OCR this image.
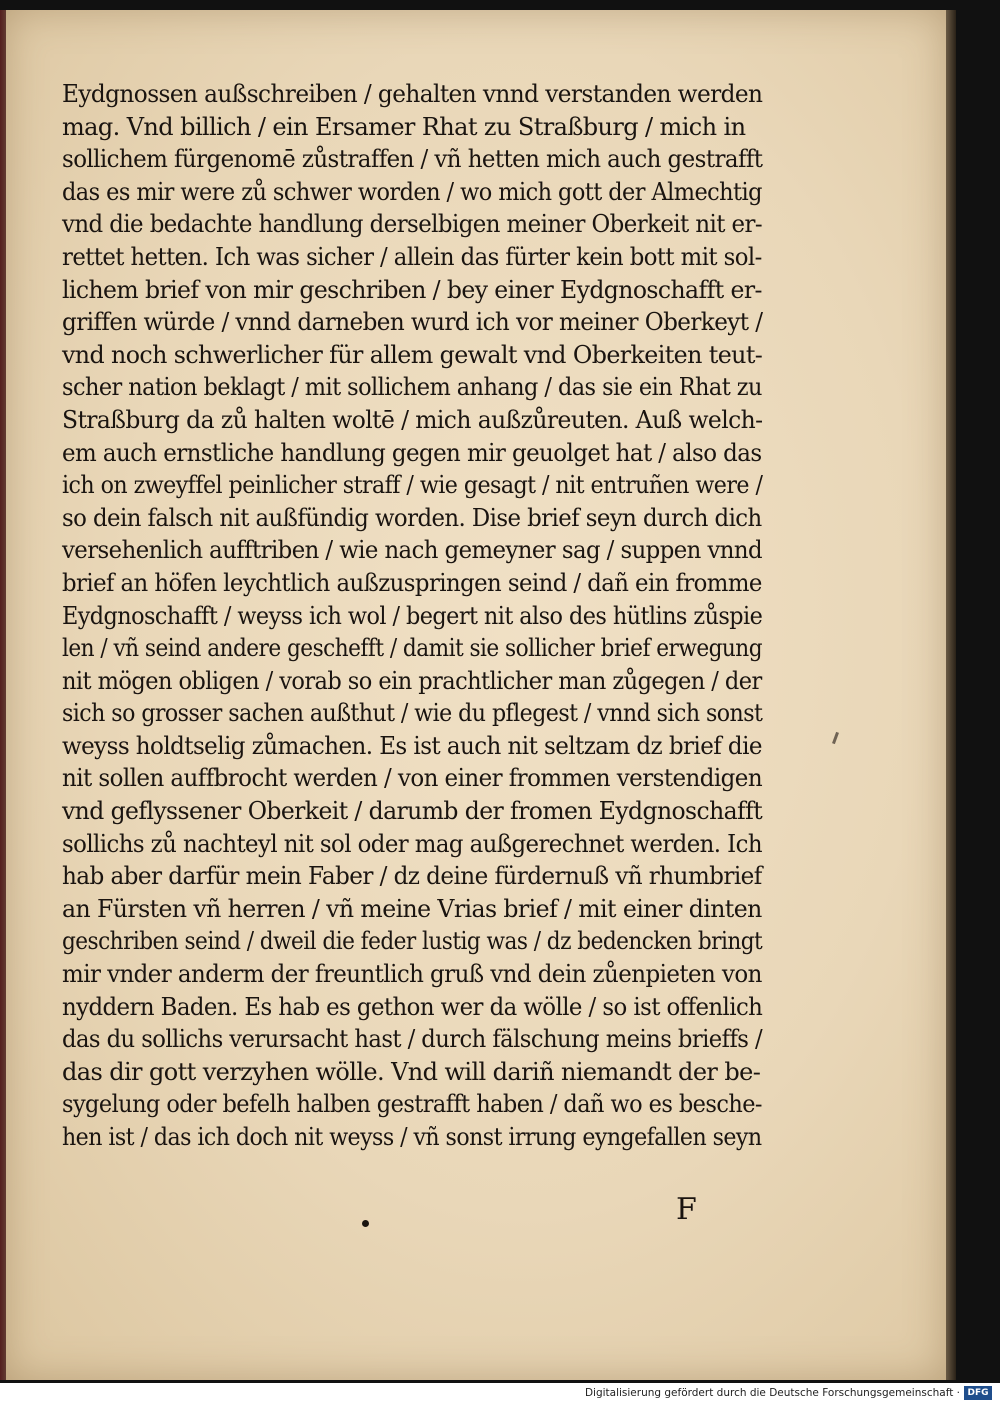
Eydgnossen außschreiben / gehalten vnnd verstanden werden
mag. Vnd billich / ein Ersamer Rhat zu Straßburg / mich in
sollichem fürgenomē zůstraffen / vñ hetten mich auch gestrafft
das es mir were zů schwer worden / wo mich gott der Almechtig
vnd die bedachte handlung derselbigen meiner Oberkeit nit er-
rettet hetten. Ich was sicher / allein das fürter kein bott mit sol-
lichem brief von mir geschriben / bey einer Eydgnoschafft er-
griffen würde / vnnd darneben wurd ich vor meiner Oberkeyt /
vnd noch schwerlicher für allem gewalt vnd Oberkeiten teut-
scher nation beklagt / mit sollichem anhang / das sie ein Rhat zu
Straßburg da zů halten woltē / mich außzůreuten. Auß welch-
em auch ernstliche handlung gegen mir geuolget hat / also das
ich on zweyffel peinlicher straff / wie gesagt / nit entruñen were /
so dein falsch nit außfündig worden. Dise brief seyn durch dich
versehenlich aufftriben / wie nach gemeyner sag / suppen vnnd
brief an höfen leychtlich außzuspringen seind / dañ ein fromme
Eydgnoschafft / weyss ich wol / begert nit also des hütlins zůspie
len / vñ seind andere geschefft / damit sie sollicher brief erwegung
nit mögen obligen / vorab so ein prachtlicher man zůgegen / der
sich so grosser sachen außthut / wie du pflegest / vnnd sich sonst
weyss holdtselig zůmachen. Es ist auch nit seltzam dz brief die
nit sollen auffbrocht werden / von einer frommen verstendigen
vnd geflyssener Oberkeit / darumb der fromen Eydgnoschafft
sollichs zů nachteyl nit sol oder mag außgerechnet werden. Ich
hab aber darfür mein Faber / dz deine fürdernuß vñ rhumbrief
an Fürsten vñ herren / vñ meine Vrias brief / mit einer dinten
geschriben seind / dweil die feder lustig was / dz bedencken bringt
mir vnder anderm der freuntlich gruß vnd dein zůenpieten von
nyddern Baden. Es hab es gethon wer da wölle / so ist offenlich
das du sollichs verursacht hast / durch fälschung meins brieffs /
das dir gott verzyhen wölle. Vnd will dariñ niemandt der be-
sygelung oder befelh halben gestrafft haben / dañ wo es besche-
hen ist / das ich doch nit weyss / vñ sonst irrung eyngefallen seyn
F
Digitalisierung gefördert durch die Deutsche Forschungsgemeinschaft · DFG
